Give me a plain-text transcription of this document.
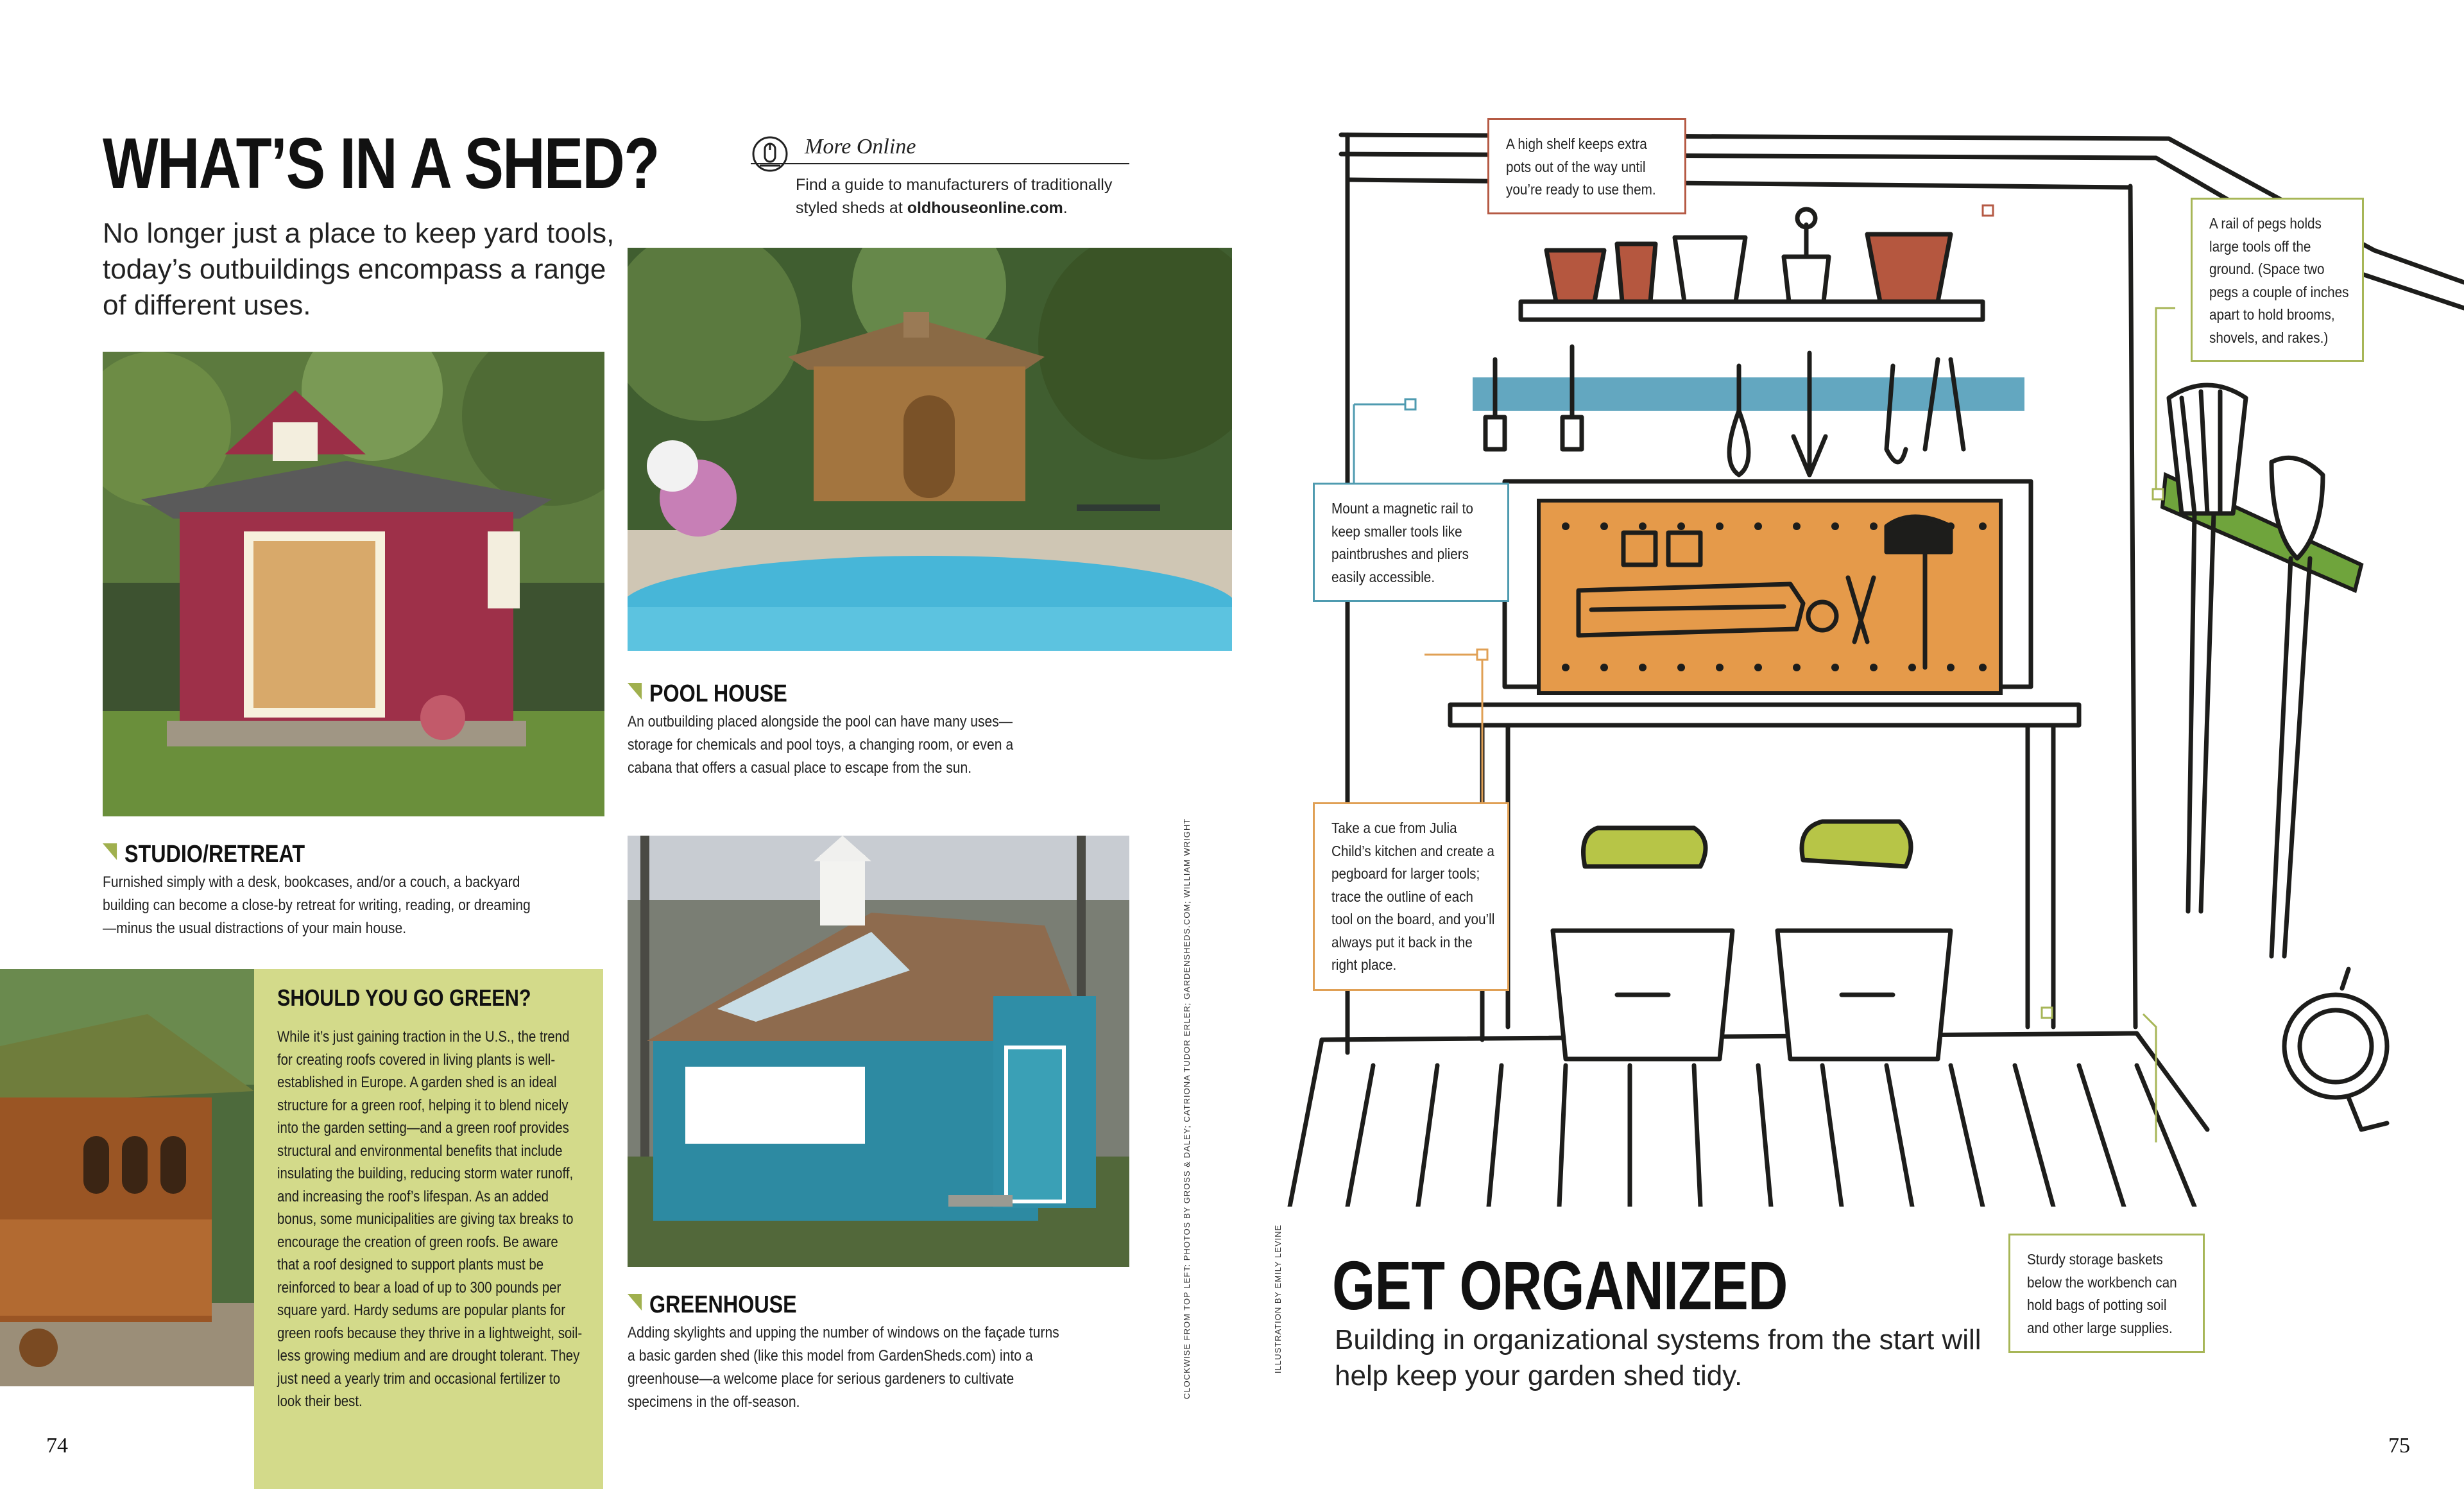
WHAT’S IN A SHED?
No longer just a place to keep yard tools, today’s outbuildings encompass a range of different uses.
More Online
Find a guide to manufacturers of traditionally styled sheds at oldhouseonline.com.
STUDIO/RETREAT
Furnished simply with a desk, bookcases, and/or a couch, a backyard building can become a close-by retreat for writing, reading, or dreaming—minus the usual distractions of your main house.
SHOULD YOU GO GREEN?
While it’s just gaining traction in the U.S., the trend for creating roofs covered in living plants is well-established in Europe. A garden shed is an ideal structure for a green roof, helping it to blend nicely into the garden setting—and a green roof provides structural and environmental benefits that include insulating the building, reducing storm water runoff, and increasing the roof’s lifespan. As an added bonus, some municipalities are giving tax breaks to encourage the creation of green roofs. Be aware that a roof designed to support plants must be reinforced to bear a load of up to 300 pounds per square yard. Hardy sedums are popular plants for green roofs because they thrive in a lightweight, soil-less growing medium and are drought tolerant. They just need a yearly trim and occasional fertilizer to look their best.
74
POOL HOUSE
An outbuilding placed alongside the pool can have many uses—storage for chemicals and pool toys, a changing room, or even a cabana that offers a casual place to escape from the sun.
GREENHOUSE
Adding skylights and upping the number of windows on the façade turns a basic garden shed (like this model from GardenSheds.com) into a greenhouse—a welcome place for serious gardeners to cultivate specimens in the off-season.
CLOCKWISE FROM TOP LEFT: PHOTOS BY GROSS & DALEY; CATRIONA TUDOR ERLER; GARDENSHEDS.COM; WILLIAM WRIGHT	ILLUSTRATION BY EMILY LEVINE
A high shelf keeps extra pots out of the way until you’re ready to use them.
A rail of pegs holds large tools off the ground. (Space two pegs a couple of inches apart to hold brooms, shovels, and rakes.)
Mount a magnetic rail to keep smaller tools like paintbrushes and pliers easily accessible.
Take a cue from Julia Child’s kitchen and create a pegboard for larger tools; trace the outline of each tool on the board, and you’ll always put it back in the right place.
Sturdy storage baskets below the workbench can hold bags of potting soil and other large supplies.
GET ORGANIZED
Building in organizational systems from the start will help keep your garden shed tidy.
75
